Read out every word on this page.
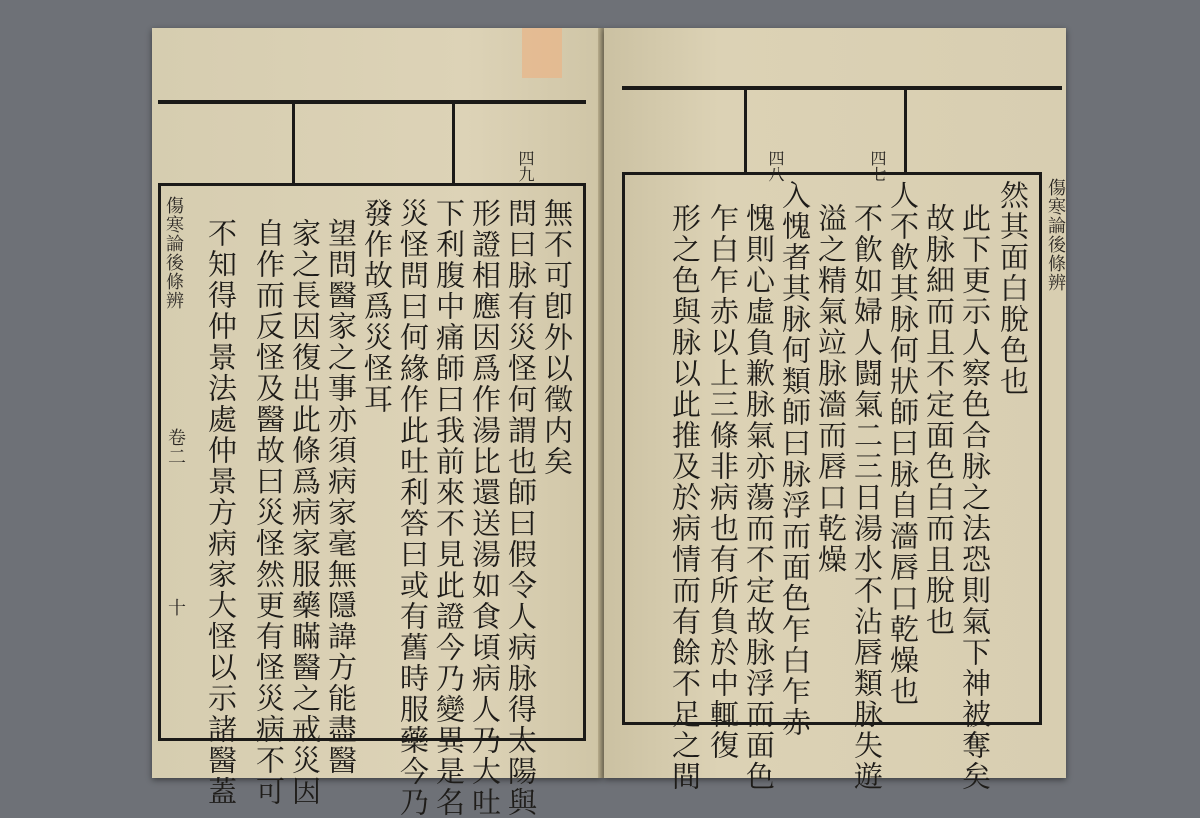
四九
傷寒論後條辨
卷二
十
無不可卽外以徵内矣
問曰脉有災怪何謂也師曰假令人病脉得太陽與
形證相應因爲作湯比還送湯如食頃病人乃大吐
下利腹中痛師曰我前來不見此證今乃變異是名
災怪問曰何緣作此吐利答曰或有舊時服藥今乃
發作故爲災怪耳
望問醫家之事亦須病家毫無隱諱方能盡醫
家之長因復出此條爲病家服藥瞞醫之戒災因
自作而反怪及醫故曰災怪然更有怪災病不可
不知得仲景法處仲景方病家大怪以示諸醫蓋
四八	四七
傷寒論後條辨
然其面白脫色也
此下更示人察色合脉之法恐則氣下神被奪矣
故脉細而且不定面色白而且脫也
人不飮其脉何狀師曰脉自濇唇口乾燥也
不飮如婦人闘氣二三日湯水不沾唇類脉失遊
溢之精氣竝脉濇而唇口乾燥
入愧者其脉何類師曰脉浮而面色乍白乍赤
愧則心虛負歉脉氣亦蕩而不定故脉浮而面色
乍白乍赤以上三條非病也有所負於中輒復
形之色與脉以此推及於病情而有餘不足之間
